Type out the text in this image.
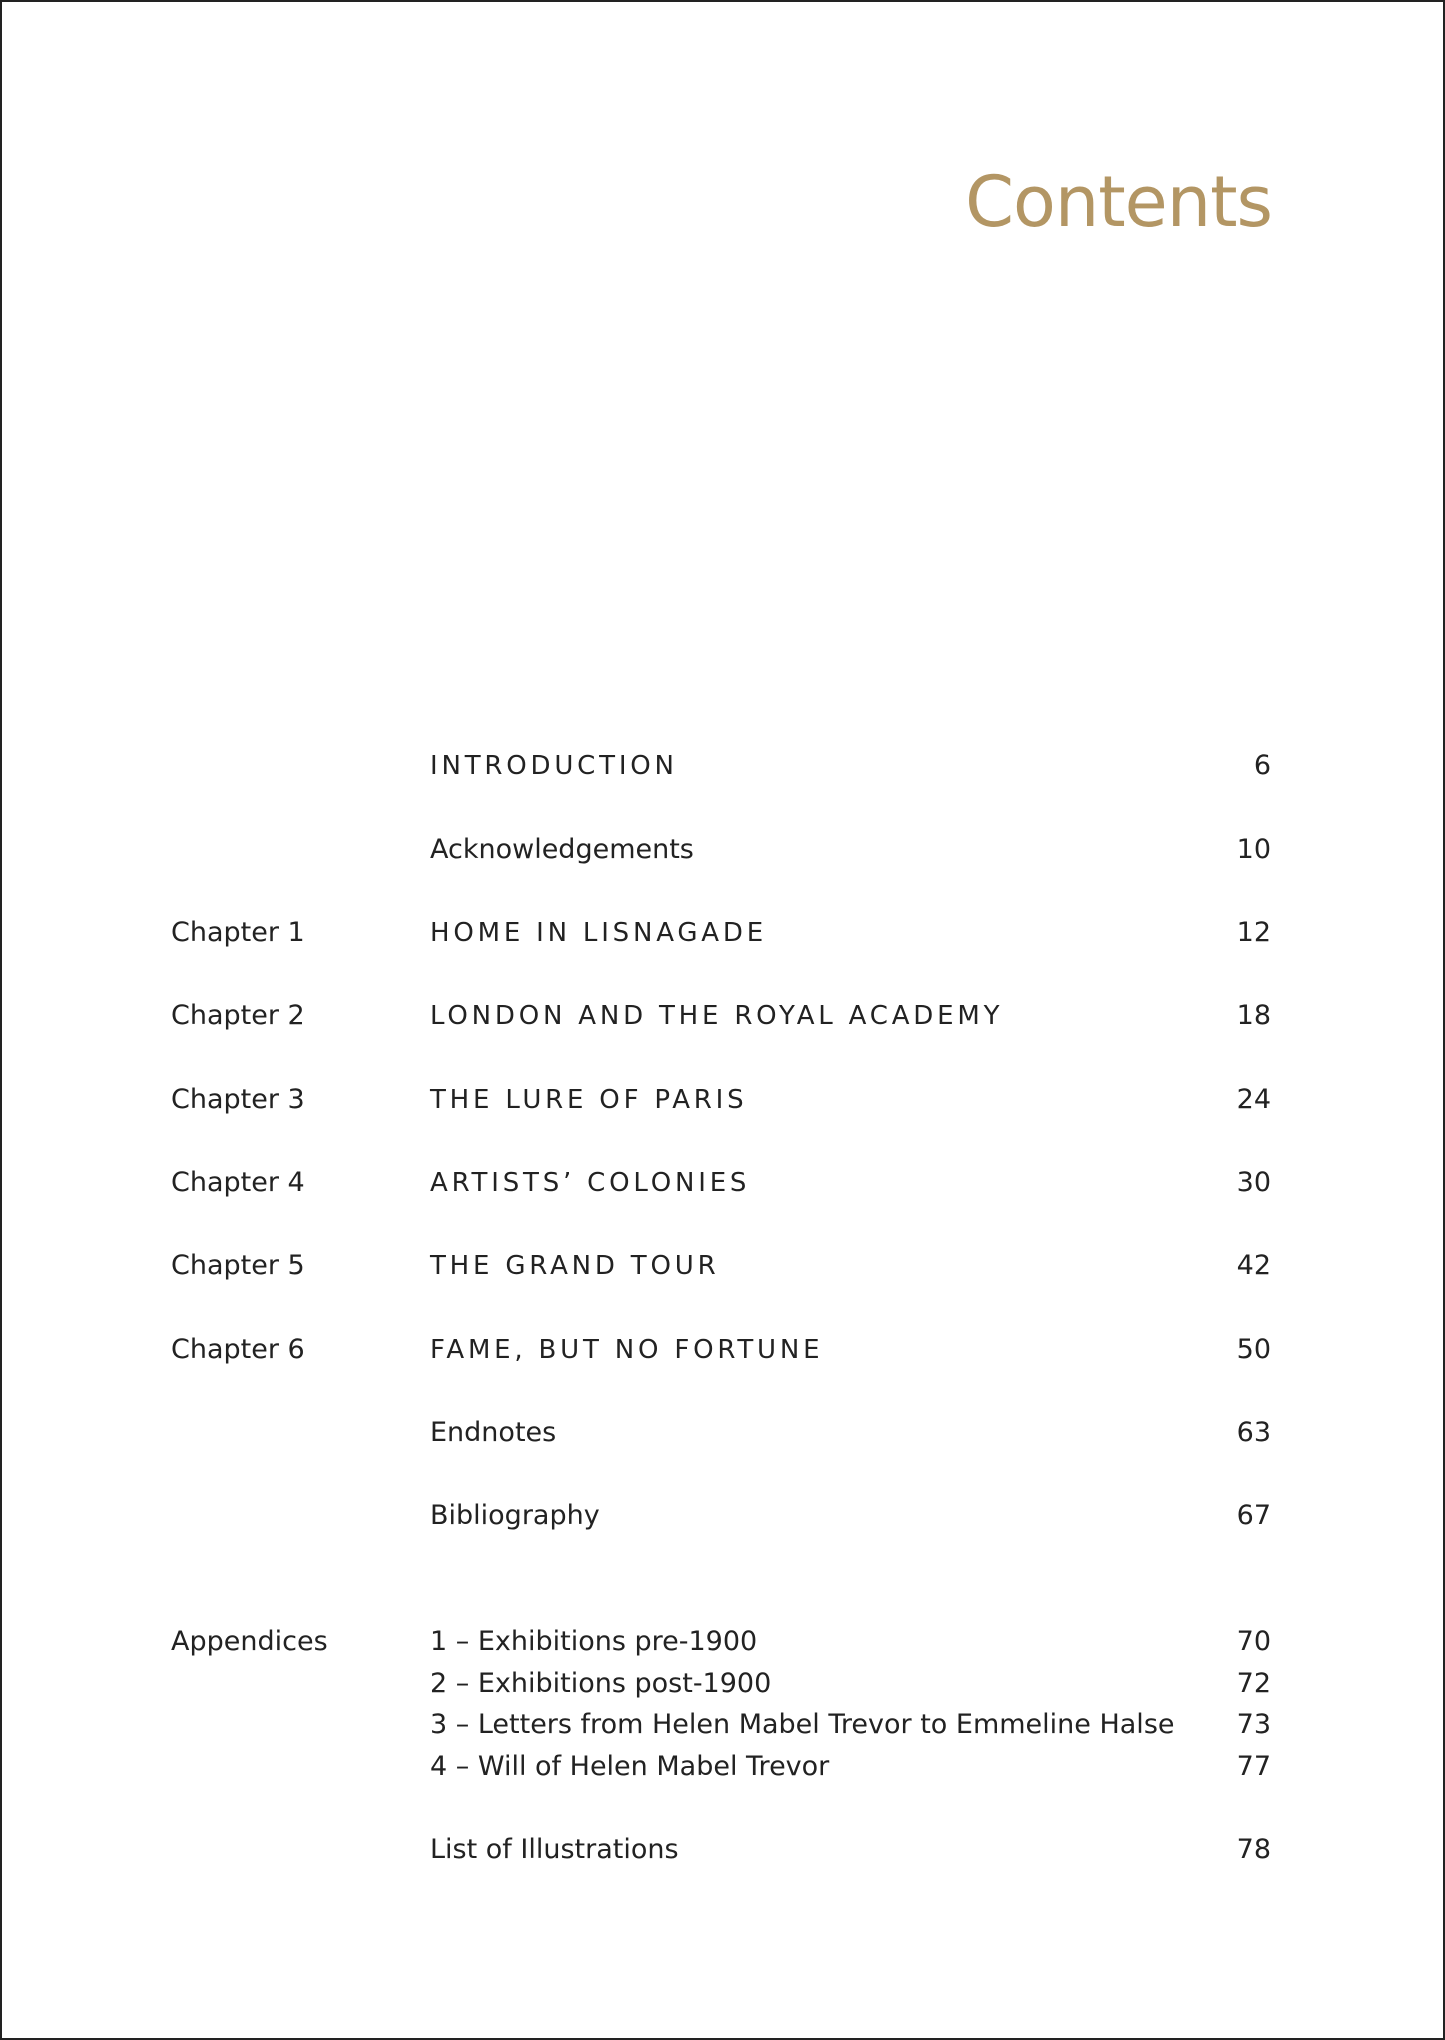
Contents
INTRODUCTION	6
Acknowledgements	10
Chapter 1	HOME IN LISNAGADE	12
Chapter 2	LONDON AND THE ROYAL ACADEMY	18
Chapter 3	THE LURE OF PARIS	24
Chapter 4	ARTISTS’ COLONIES	30
Chapter 5	THE GRAND TOUR	42
Chapter 6	FAME, BUT NO FORTUNE	50
Endnotes	63
Bibliography	67
Appendices	1 – Exhibitions pre-1900	70
2 – Exhibitions post-1900	72
3 – Letters from Helen Mabel Trevor to Emmeline Halse 73
4 – Will of Helen Mabel Trevor	77
List of Illustrations	78
